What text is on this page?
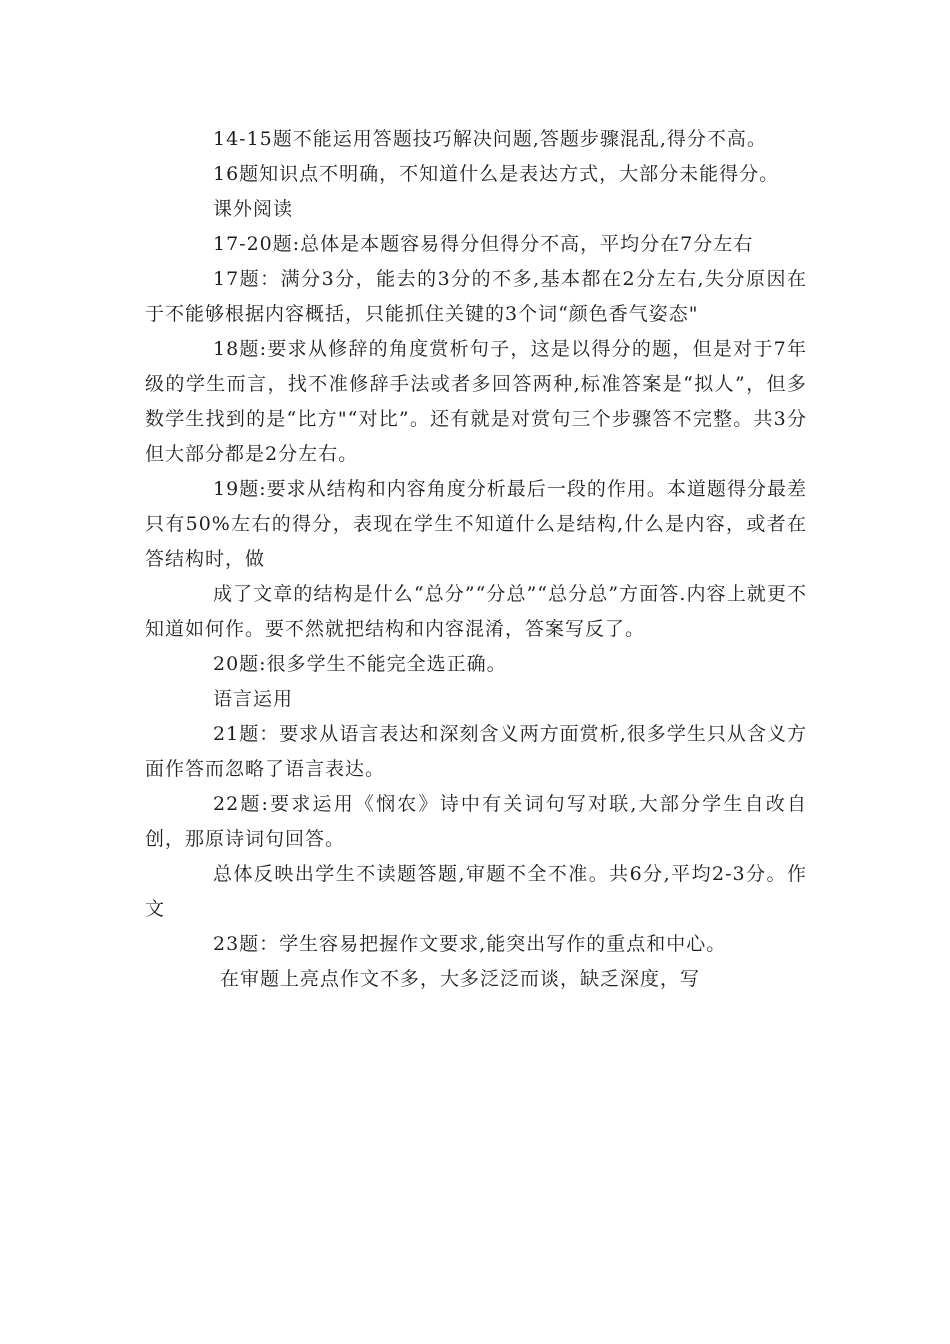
14-15题不能运用答题技巧解决问题,答题步骤混乱,得分不高。

16题知识点不明确，不知道什么是表达方式，大部分未能得分。

课外阅读

17-20题:总体是本题容易得分但得分不高，平均分在7分左右

17题：满分3分，能去的3分的不多,基本都在2分左右,失分原因在于不能够根据内容概括，只能抓住关键的3个词“颜色香气姿态"

18题:要求从修辞的角度赏析句子，这是以得分的题，但是对于7年级的学生而言，找不准修辞手法或者多回答两种,标准答案是“拟人”，但多数学生找到的是“比方"“对比”。还有就是对赏句三个步骤答不完整。共3分但大部分都是2分左右。

19题:要求从结构和内容角度分析最后一段的作用。本道题得分最差只有50%左右的得分，表现在学生不知道什么是结构,什么是内容，或者在答结构时，做

成了文章的结构是什么“总分”“分总”“总分总”方面答.内容上就更不知道如何作。要不然就把结构和内容混淆，答案写反了。

20题:很多学生不能完全选正确。

语言运用

21题：要求从语言表达和深刻含义两方面赏析,很多学生只从含义方面作答而忽略了语言表达。

22题:要求运用《悯农》诗中有关词句写对联,大部分学生自改自创，那原诗词句回答。

总体反映出学生不读题答题,审题不全不准。共6分,平均2-3分。作文

23题：学生容易把握作文要求,能突出写作的重点和中心。

在审题上亮点作文不多，大多泛泛而谈，缺乏深度，写
